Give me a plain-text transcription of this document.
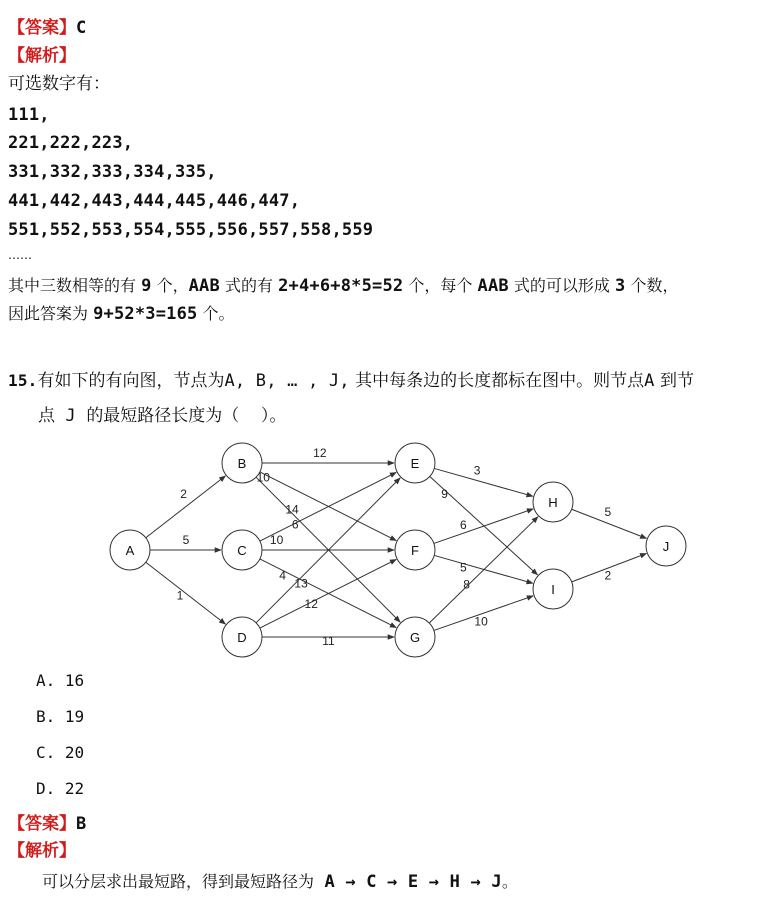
【答案】C
【解析】
可选数字有：
111,
221,222,223,
331,332,333,334,335,
441,442,443,444,445,446,447,
551,552,553,554,555,556,557,558,559
……
其中三数相等的有 9 个，AAB 式的有 2+4+6+8*5=52 个，每个 AAB 式的可以形成 3 个数，
因此答案为 9+52*3=165 个。
15.有如下的有向图，节点为A, B, … , J, 其中每条边的长度都标在图中。则节点A 到节
点 J 的最短路径长度为（    ）。
2
5
1
12
10
14
6
10
4
13
12
11
3
9
6
5
8
10
5
2
A
B
C
D
E
F
G
H
I
J
A. 16
B. 19
C. 20
D. 22
【答案】B
【解析】
可以分层求出最短路，得到最短路径为 A → C → E → H → J。
